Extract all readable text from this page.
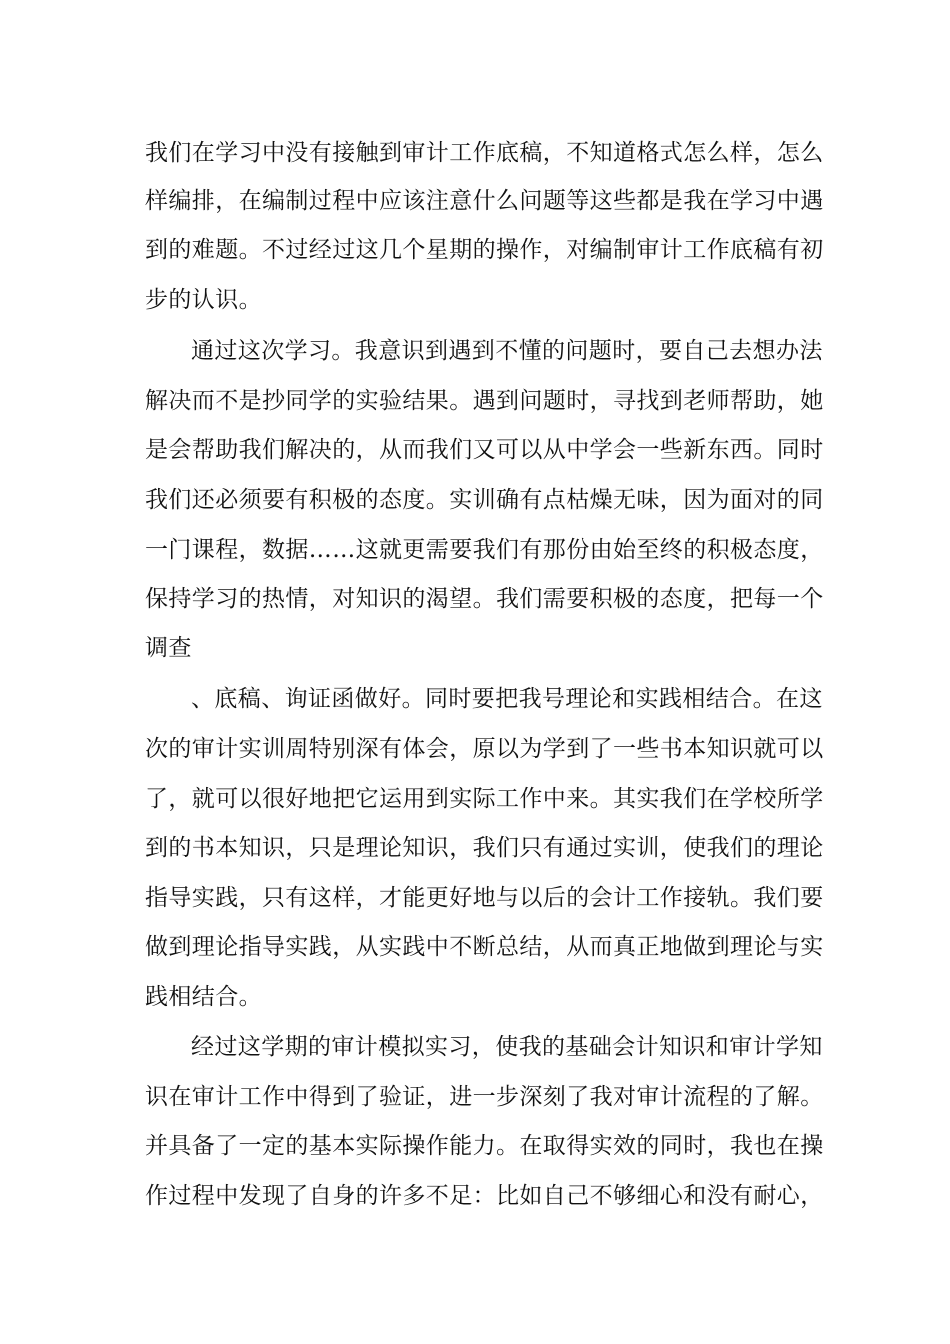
我们在学习中没有接触到审计工作底稿，不知道格式怎么样，怎么

样编排，在编制过程中应该注意什么问题等这些都是我在学习中遇

到的难题。不过经过这几个星期的操作，对编制审计工作底稿有初

步的认识。

通过这次学习。我意识到遇到不懂的问题时，要自己去想办法

解决而不是抄同学的实验结果。遇到问题时，寻找到老师帮助，她

是会帮助我们解决的，从而我们又可以从中学会一些新东西。同时

我们还必须要有积极的态度。实训确有点枯燥无味，因为面对的同

一门课程，数据……这就更需要我们有那份由始至终的积极态度，

保持学习的热情，对知识的渴望。我们需要积极的态度，把每一个

调查

、底稿、询证函做好。同时要把我号理论和实践相结合。在这

次的审计实训周特别深有体会，原以为学到了一些书本知识就可以

了，就可以很好地把它运用到实际工作中来。其实我们在学校所学

到的书本知识，只是理论知识，我们只有通过实训，使我们的理论

指导实践，只有这样，才能更好地与以后的会计工作接轨。我们要

做到理论指导实践，从实践中不断总结，从而真正地做到理论与实

践相结合。

经过这学期的审计模拟实习，使我的基础会计知识和审计学知

识在审计工作中得到了验证，进一步深刻了我对审计流程的了解。

并具备了一定的基本实际操作能力。在取得实效的同时，我也在操

作过程中发现了自身的许多不足：比如自己不够细心和没有耐心，
